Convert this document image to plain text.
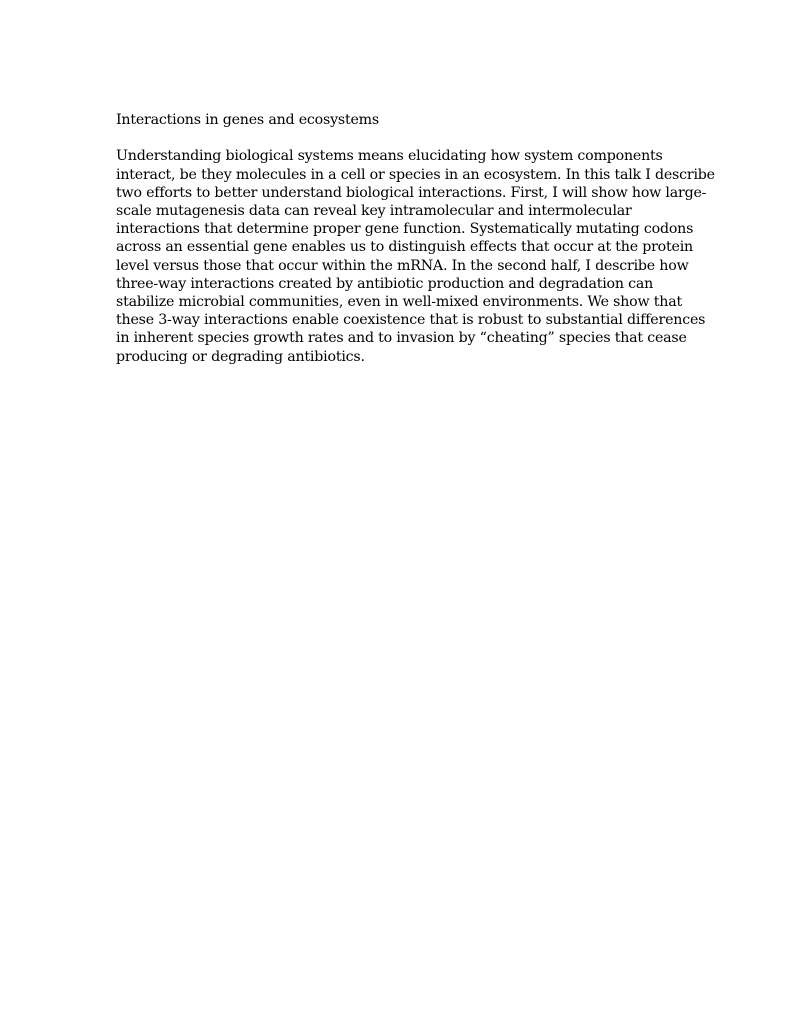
Interactions in genes and ecosystems
Understanding biological systems means elucidating how system components
interact, be they molecules in a cell or species in an ecosystem. In this talk I describe
two efforts to better understand biological interactions. First, I will show how large-
scale mutagenesis data can reveal key intramolecular and intermolecular
interactions that determine proper gene function. Systematically mutating codons
across an essential gene enables us to distinguish effects that occur at the protein
level versus those that occur within the mRNA. In the second half, I describe how
three-way interactions created by antibiotic production and degradation can
stabilize microbial communities, even in well-mixed environments. We show that
these 3-way interactions enable coexistence that is robust to substantial differences
in inherent species growth rates and to invasion by “cheating” species that cease
producing or degrading antibiotics.
